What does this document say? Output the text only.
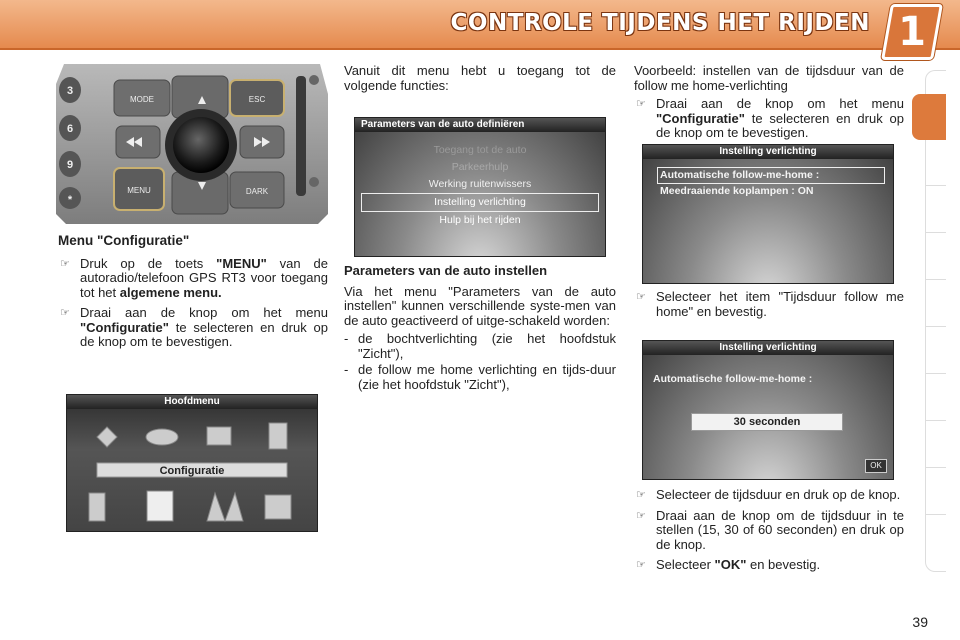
CONTROLE TIJDENS HET RIJDEN 1
MODE	ESC
MENU	DARK
3
6
9
*
Menu "Configuratie"
☞ Druk op de toets "MENU" van de autoradio/telefoon GPS RT3 voor toegang tot het algemene menu.
☞ Draai aan de knop om het menu "Configuratie" te selecteren en druk op de knop om te bevestigen.
Hoofdmenu
Configuratie

Vanuit dit menu hebt u toegang tot de volgende functies:

Parameters van de auto definiëren
Toegang tot de auto
Parkeerhulp
Werking ruitenwissers
Instelling verlichting
Hulp bij het rijden
Parameters van de auto instellen

Via het menu "Parameters van de auto instellen" kunnen verschillende syste-men van de auto geactiveerd of uitge-schakeld worden:

- de bochtverlichting (zie het hoofdstuk "Zicht"),
- de follow me home verlichting en tijds-duur (zie het hoofdstuk "Zicht"),

Voorbeeld: instellen van de tijdsduur van de follow me home-verlichting

☞ Draai aan de knop om het menu "Configuratie" te selecteren en druk op de knop om te bevestigen.
Instelling verlichting
Automatische follow-me-home :
Meedraaiende koplampen : ON
☞ Selecteer het item "Tijdsduur follow me home" en bevestig.
Instelling verlichting
Automatische follow-me-home :
30 seconden
OK
☞ Selecteer de tijdsduur en druk op de knop.
☞ Draai aan de knop om de tijdsduur in te stellen (15, 30 of 60 seconden) en druk op de knop.
☞ Selecteer "OK" en bevestig.
39
